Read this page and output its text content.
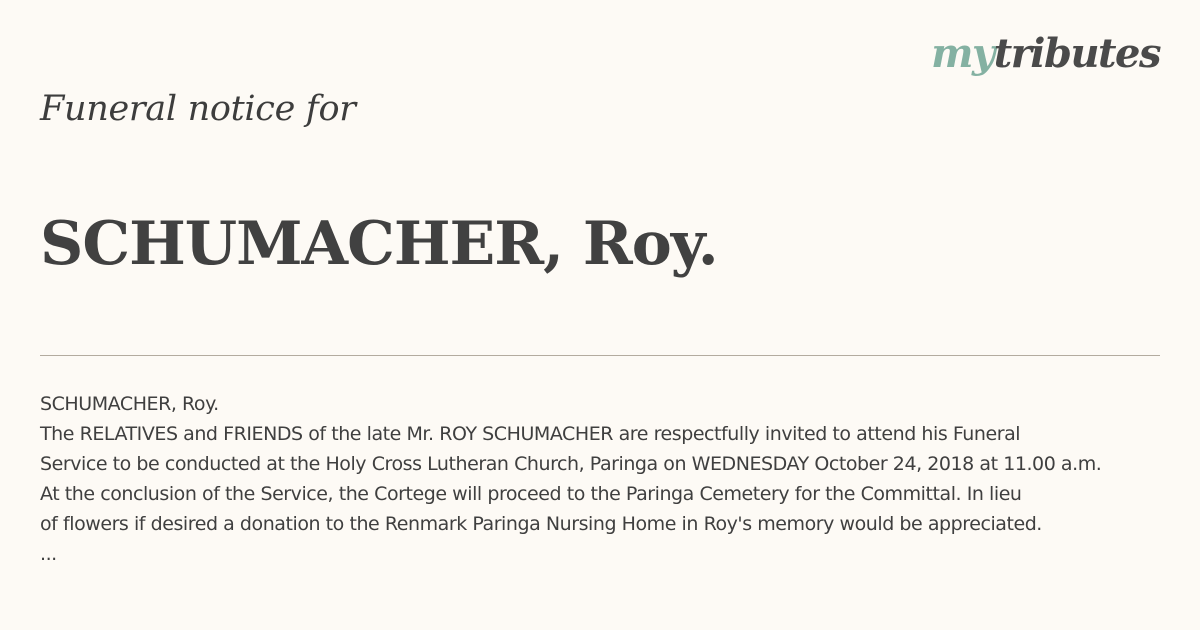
mytributes
Funeral notice for
SCHUMACHER, Roy.
SCHUMACHER, Roy.
The RELATIVES and FRIENDS of the late Mr. ROY SCHUMACHER are respectfully invited to attend his Funeral
Service to be conducted at the Holy Cross Lutheran Church, Paringa on WEDNESDAY October 24, 2018 at 11.00 a.m.
At the conclusion of the Service, the Cortege will proceed to the Paringa Cemetery for the Committal. In lieu
of flowers if desired a donation to the Renmark Paringa Nursing Home in Roy's memory would be appreciated.
...
